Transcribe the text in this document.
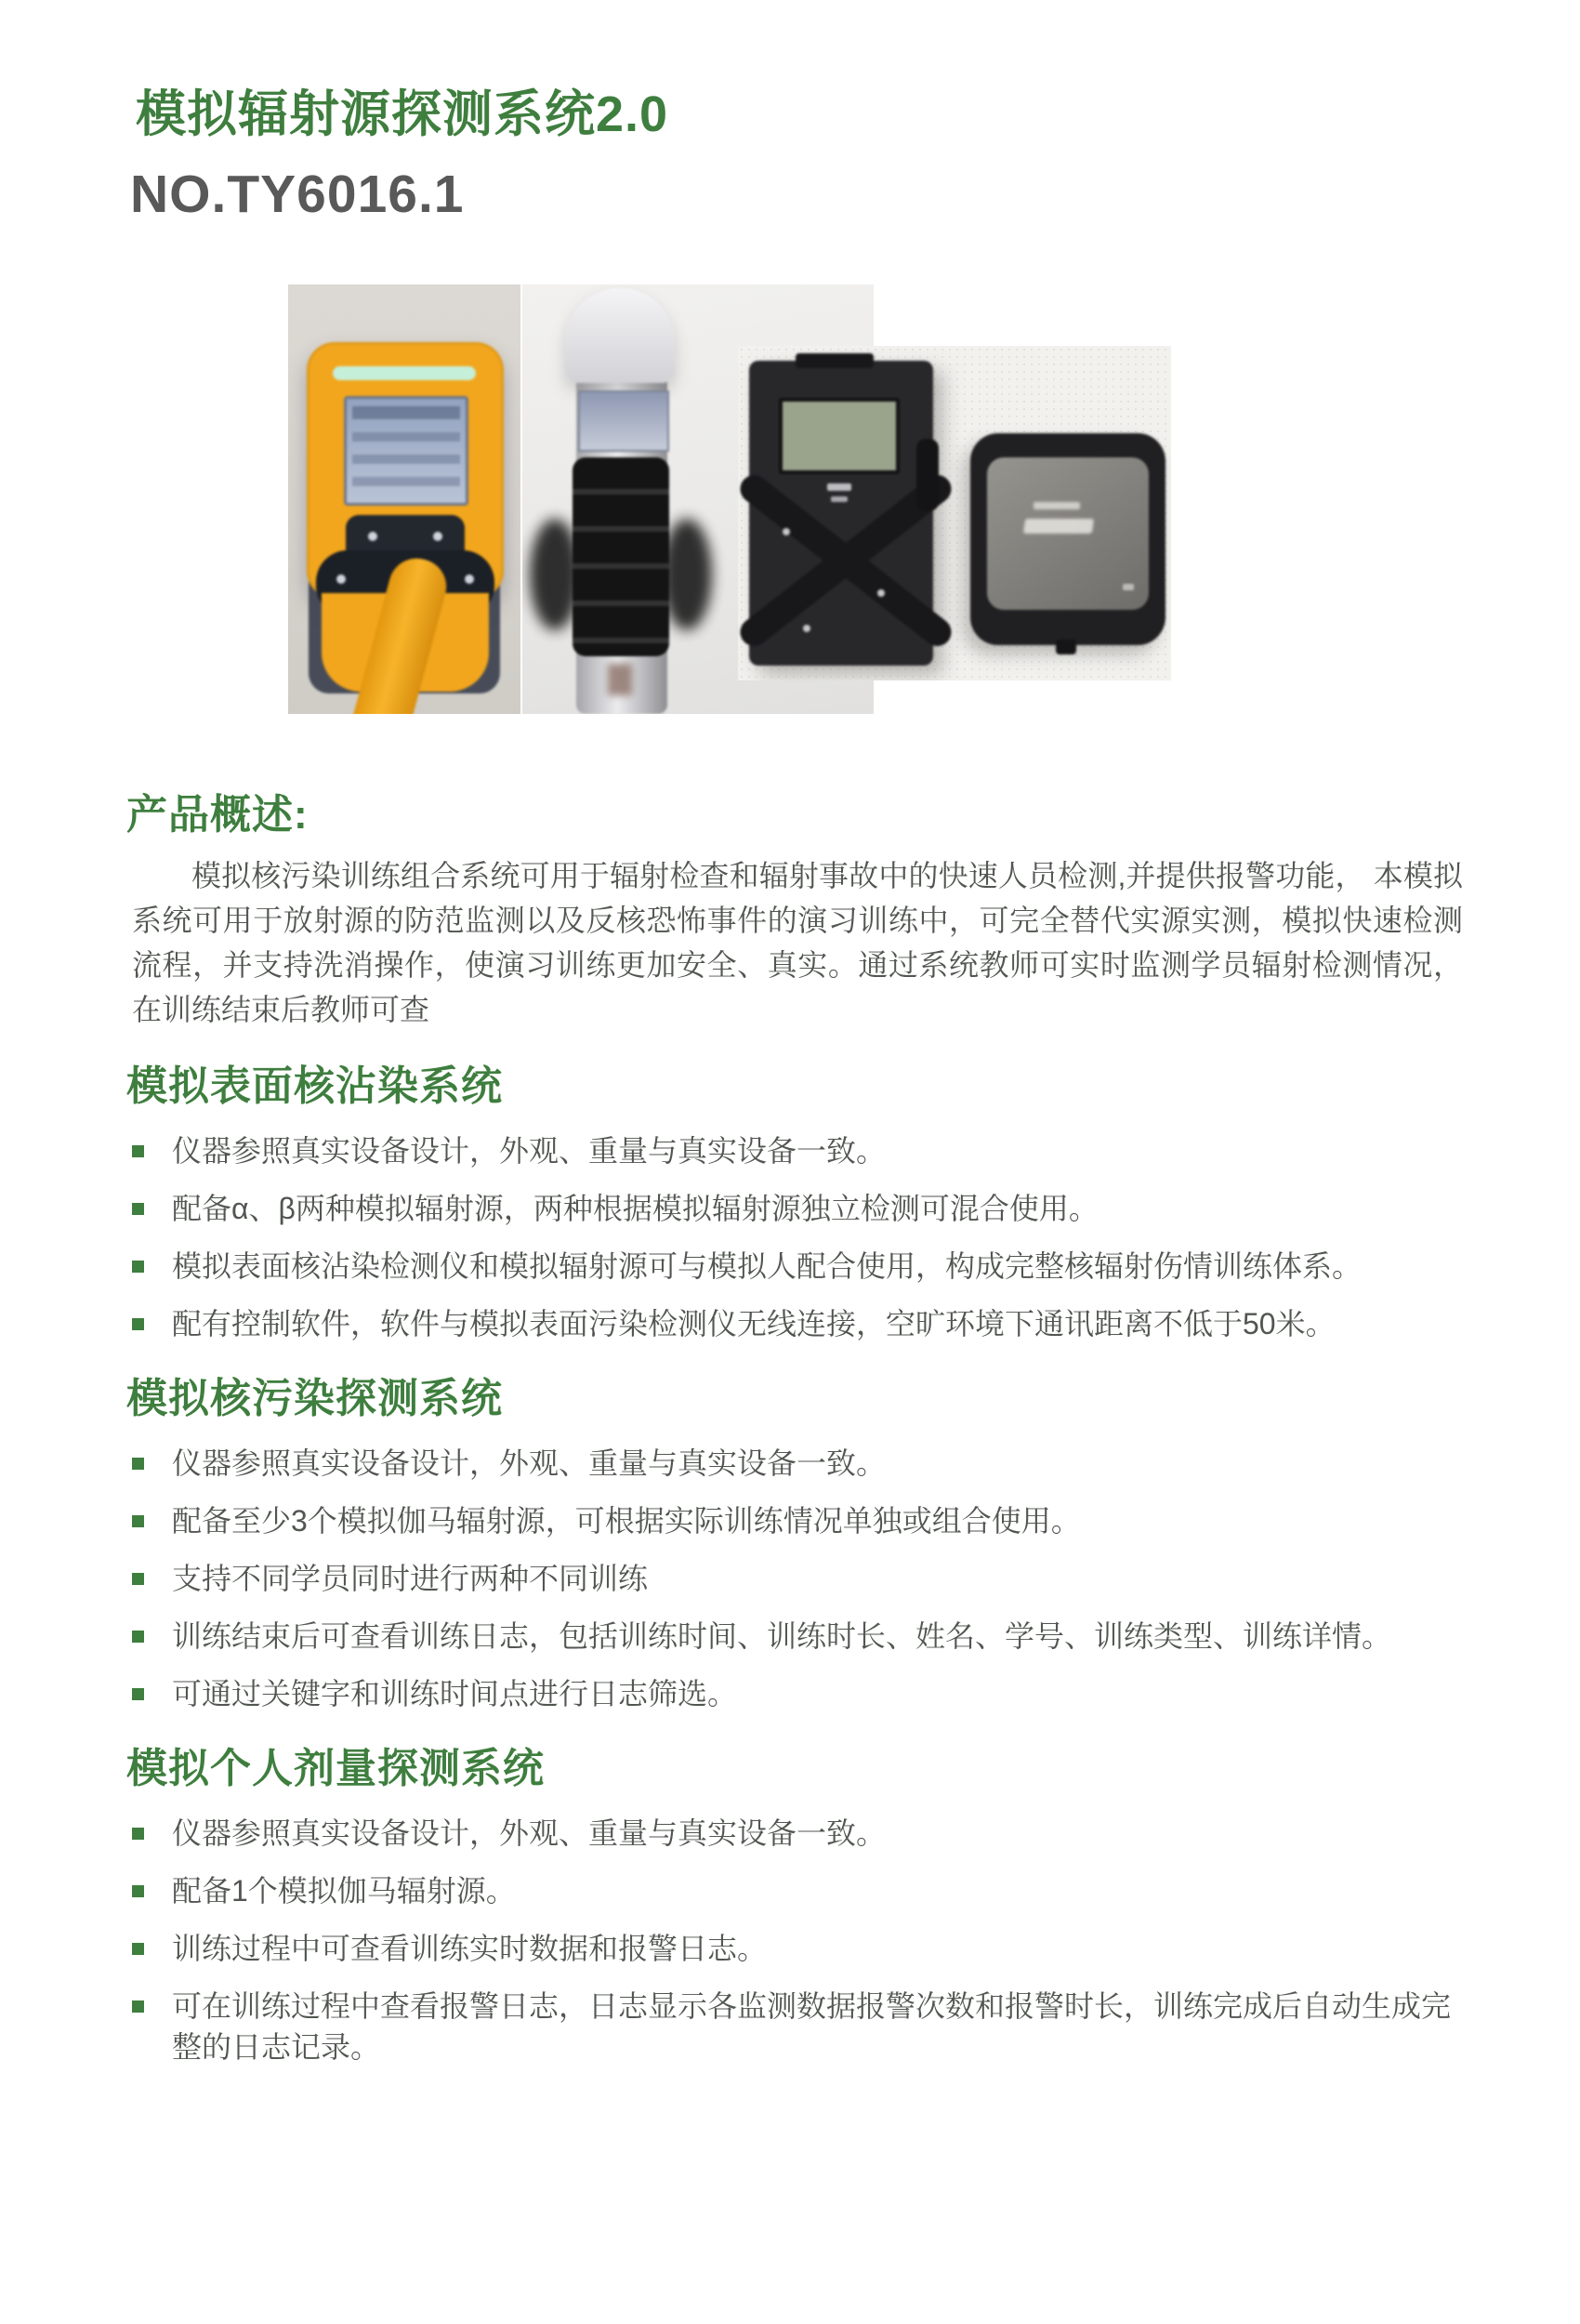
模拟辐射源探测系统2.0
NO.TY6016.1
产品概述:

模拟核污染训练组合系统可用于辐射检查和辐射事故中的快速人员检测,并提供报警功能， 本模拟系统可用于放射源的防范监测以及反核恐怖事件的演习训练中，可完全替代实源实测，模拟快速检测流程，并支持洗消操作，使演习训练更加安全、真实。通过系统教师可实时监测学员辐射检测情况，在训练结束后教师可查

模拟表面核沾染系统
仪器参照真实设备设计，外观、重量与真实设备一致。
配备α、β两种模拟辐射源，两种根据模拟辐射源独立检测可混合使用。
模拟表面核沾染检测仪和模拟辐射源可与模拟人配合使用，构成完整核辐射伤情训练体系。
配有控制软件，软件与模拟表面污染检测仪无线连接，空旷环境下通讯距离不低于50米。
模拟核污染探测系统
仪器参照真实设备设计，外观、重量与真实设备一致。
配备至少3个模拟伽马辐射源，可根据实际训练情况单独或组合使用。
支持不同学员同时进行两种不同训练
训练结束后可查看训练日志，包括训练时间、训练时长、姓名、学号、训练类型、训练详情。
可通过关键字和训练时间点进行日志筛选。
模拟个人剂量探测系统
仪器参照真实设备设计，外观、重量与真实设备一致。
配备1个模拟伽马辐射源。
训练过程中可查看训练实时数据和报警日志。
可在训练过程中查看报警日志，日志显示各监测数据报警次数和报警时长，训练完成后自动生成完整的日志记录。
